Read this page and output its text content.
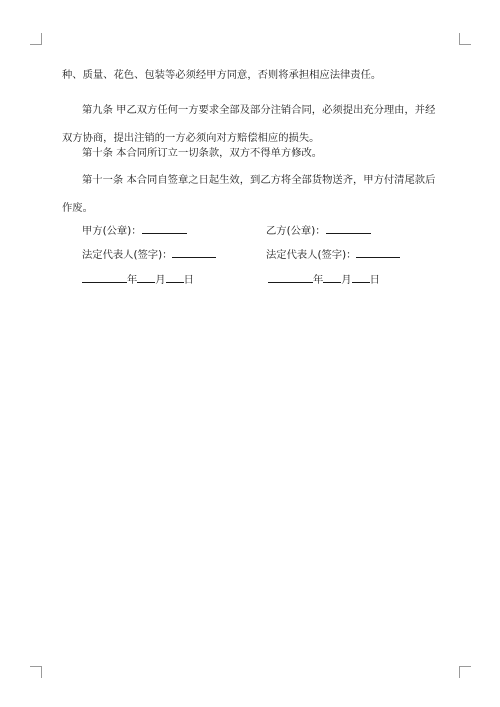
种、质量、花色、包装等必须经甲方同意，否则将承担相应法律责任。

第九条 甲乙双方任何一方要求全部及部分注销合同，必须提出充分理由，并经双方协商，提出注销的一方必须向对方赔偿相应的损失。

第十条 本合同所订立一切条款，双方不得单方修改。

第十一条 本合同自签章之日起生效，到乙方将全部货物送齐，甲方付清尾款后作废。

甲方(公章)：	乙方(公章)：
法定代表人(签字)：	法定代表人(签字)：
年 月 日	年 月 日
